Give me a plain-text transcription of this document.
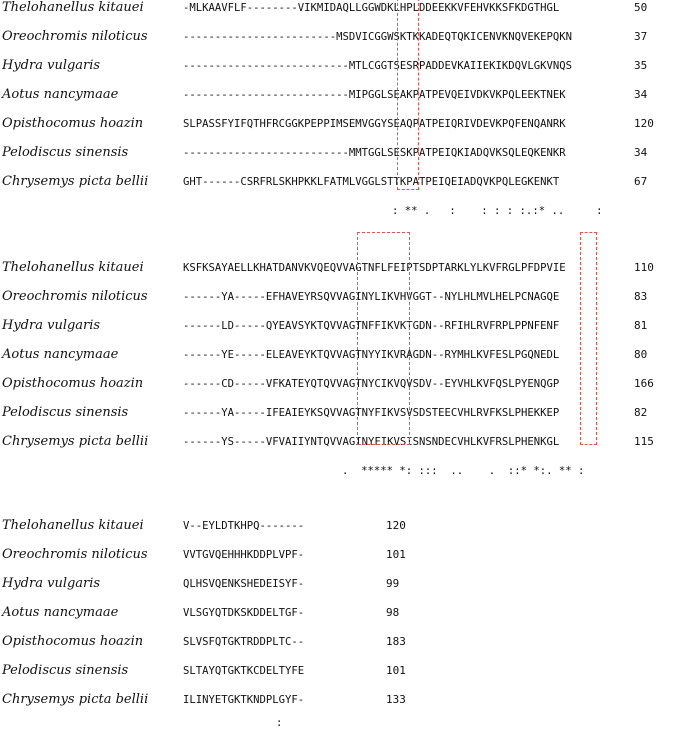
Thelohanellus kitauei	-MLKAAVFLF--------VIKMIDAQLLGGWDKLHPLDDEEKKVFEHVKKSFKDGTHGL	50
Oreochromis niloticus	------------------------MSDVICGGWSKTKKADEQTQKICENVKNQVEKEPQKN	37
Hydra vulgaris	--------------------------MTLCGGTSESRPADDEVKAIIEKIKDQVLGKVNQS	35
Aotus nancymaae	--------------------------MIPGGLSEAKPATPEVQEIVDKVKPQLEEKTNEK	34
Opisthocomus hoazin	SLPASSFYIFQTHFRCGGKPEPPIMSEMVGGYSEAQPATPEIQRIVDEVKPQFENQANRK	120
Pelodiscus sinensis	--------------------------MMTGGLSESKPATPEIQKIADQVKSQLEQKENKR	34
Chrysemys picta bellii	GHT------CSRFRLSKHPKKLFATMLVGGLSTTKPATPEIQEIADQVKPQLEGKENKT	67
: ** .   :    : : : :.:* ..     :
Thelohanellus kitauei	KSFKSAYAELLKHATDANVKVQEQVVAGTNFLFEIPTSDPTARKLYLKVFRGLPFDPVIE	110
Oreochromis niloticus	------YA-----EFHAVEYRSQVVAGINYLIKVHVGGT--NYLHLMVLHELPCNAGQE	83
Hydra vulgaris	------LD-----QYEAVSYKTQVVAGTNFFIKVKTGDN--RFIHLRVFRPLPPNFENF	81
Aotus nancymaae	------YE-----ELEAVEYKTQVVAGTNYYIKVRAGDN--RYMHLKVFESLPGQNEDL	80
Opisthocomus hoazin	------CD-----VFKATEYQTQVVAGTNYCIKVQVSDV--EYVHLKVFQSLPYENQGP	166
Pelodiscus sinensis	------YA-----IFEAIEYKSQVVAGTNYFIKVSVSDSTEECVHLRVFKSLPHEKKEP	82
Chrysemys picta bellii	------YS-----VFVAIIYNTQVVAGINYFIKVSISNSNDECVHLKVFRSLPHENKGL	115
.  ***** *: :::  ..    .  ::* *:. ** :
Thelohanellus kitauei	V--EYLDTKHPQ-------	120
Oreochromis niloticus	VVTGVQEHHHKDDPLVPF-	101
Hydra vulgaris	QLHSVQENKSHEDEISYF-	99
Aotus nancymaae	VLSGYQTDKSKDDELTGF-	98
Opisthocomus hoazin	SLVSFQTGKTRDDPLTC--	183
Pelodiscus sinensis	SLTAYQTGKTKCDELTYFE	101
Chrysemys picta bellii	ILINYETGKTKNDPLGYF-	133
:
